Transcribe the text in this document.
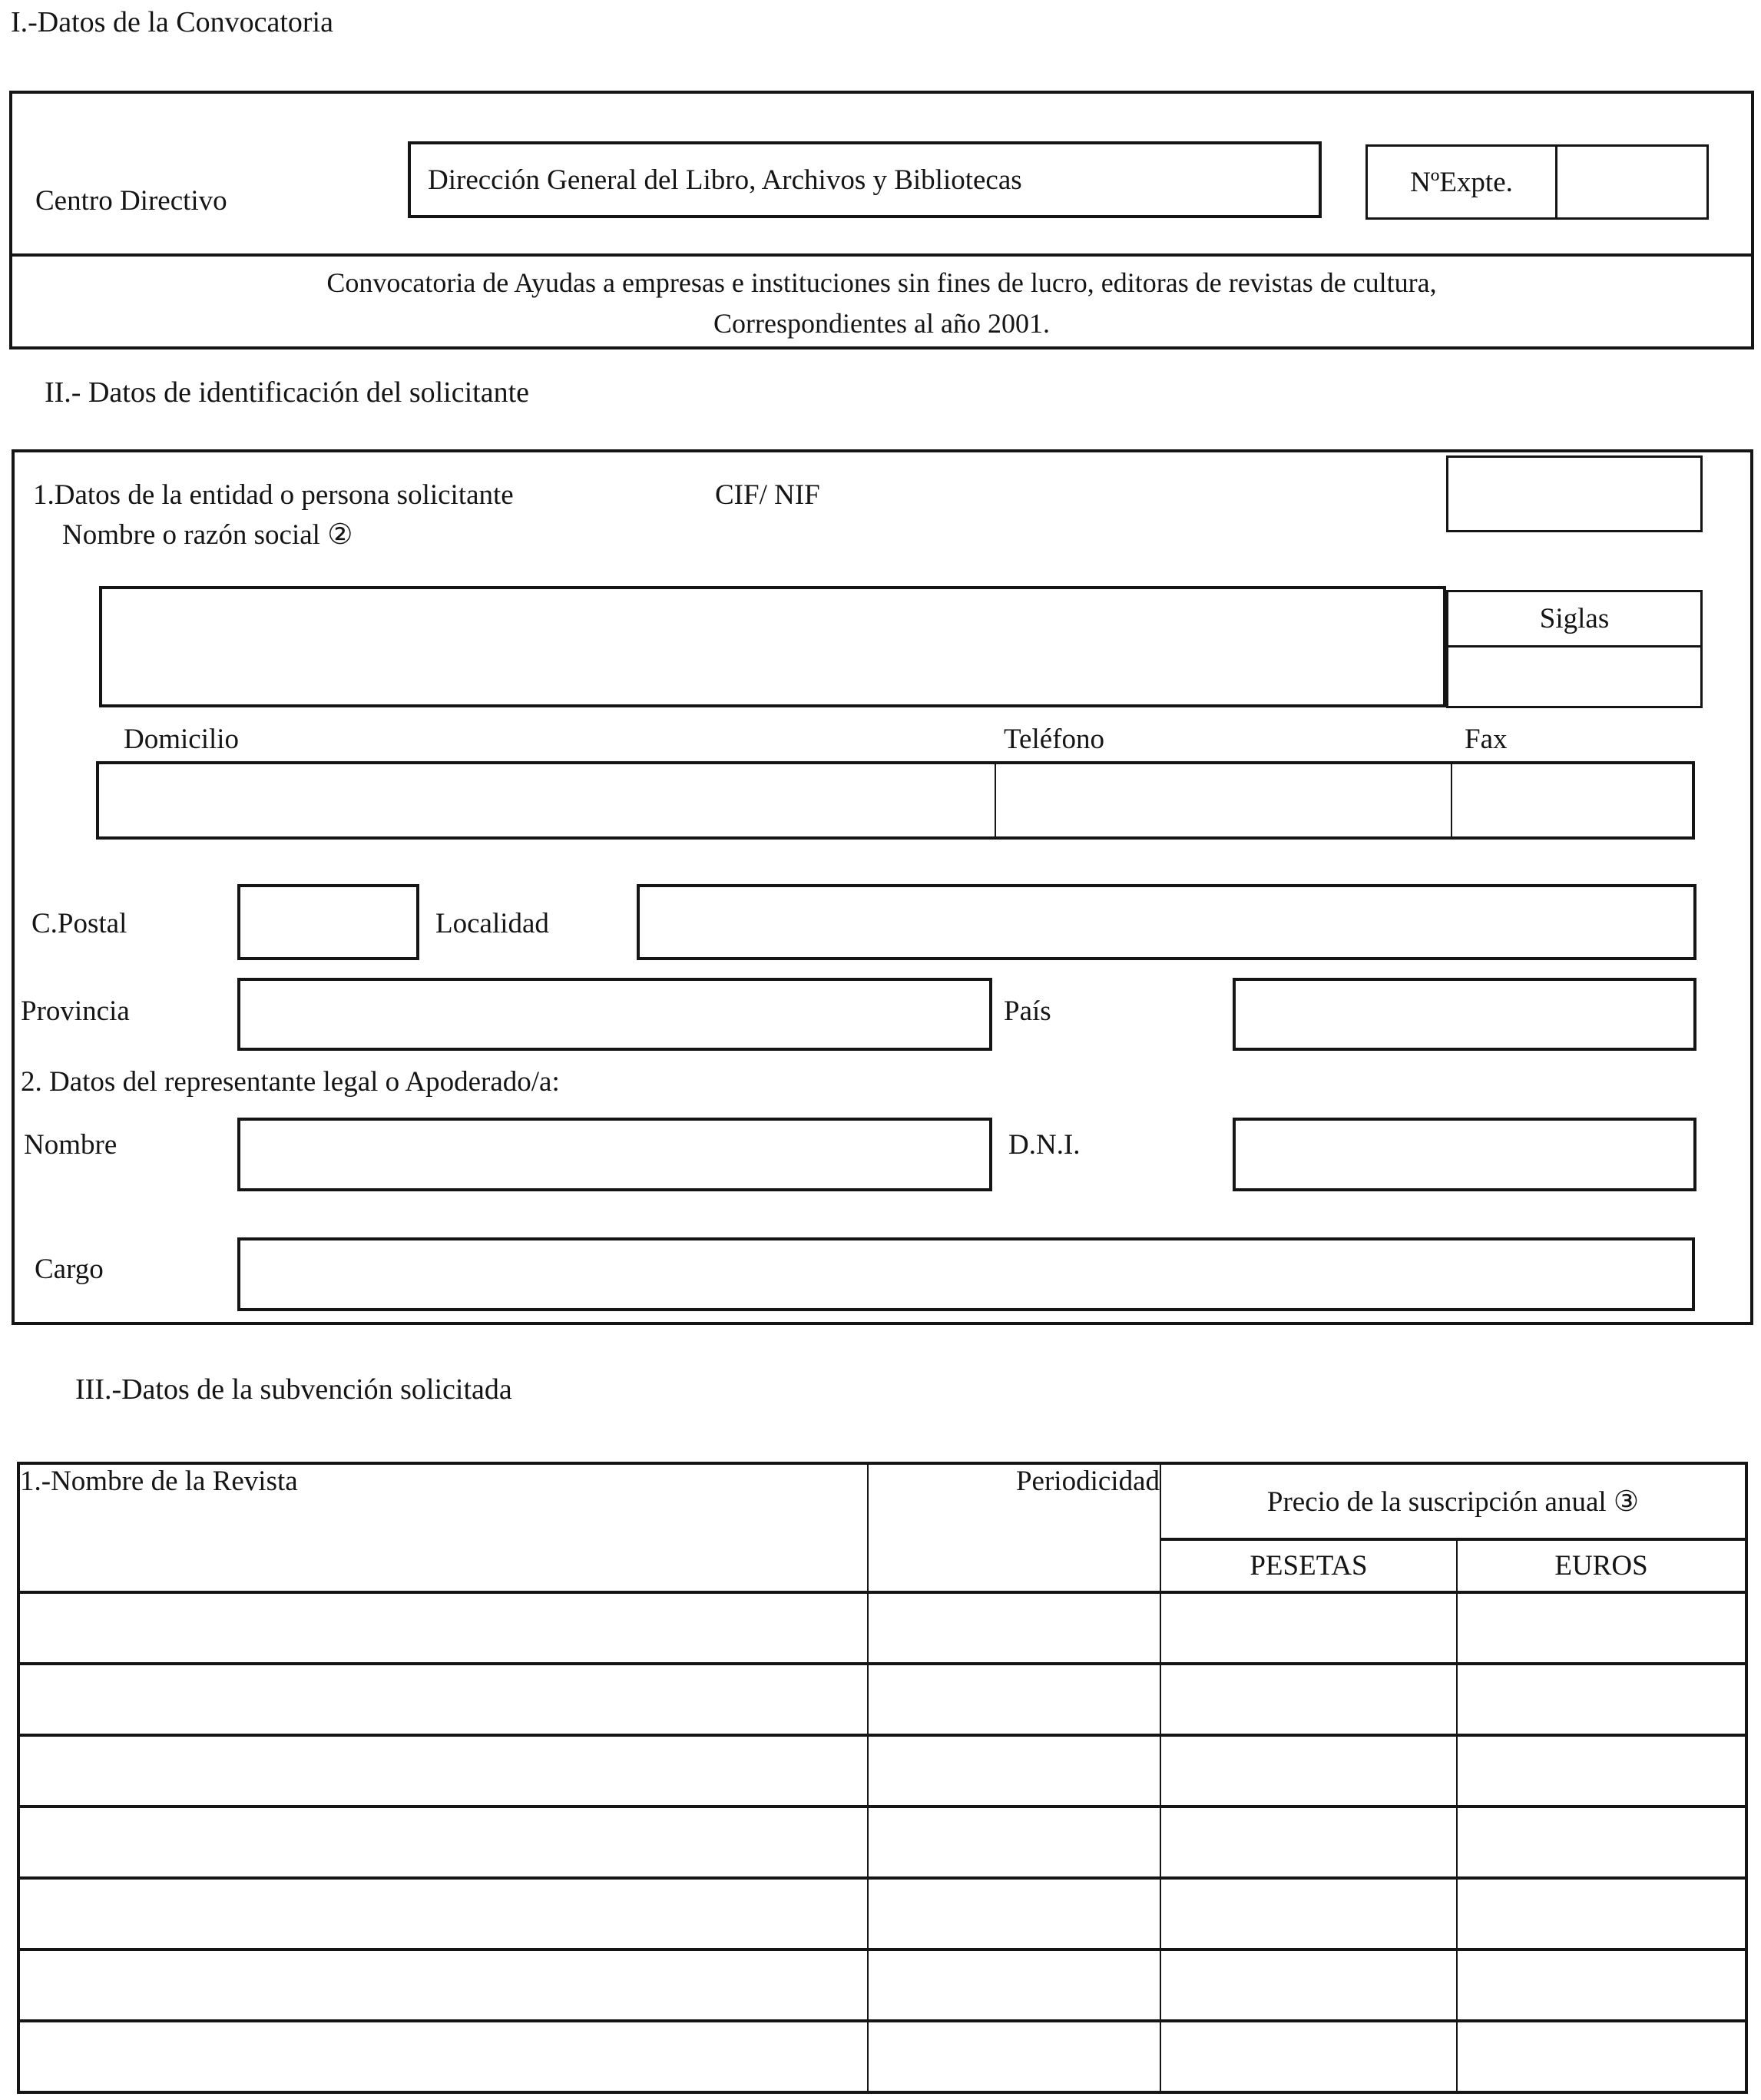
I.-Datos de la Convocatoria
Centro Directivo
Dirección General del Libro, Archivos y Bibliotecas	NºExpte.
Convocatoria de Ayudas a empresas e instituciones sin fines de lucro, editoras de revistas de cultura,
Correspondientes al año 2001.
II.- Datos de identificación del solicitante
1.Datos de la entidad o persona solicitante	CIF/ NIF
Nombre o razón social ②
Siglas
Domicilio	Teléfono	Fax
C.Postal	Localidad
Provincia	País
2. Datos del representante legal o Apoderado/a:
Nombre	D.N.I.
Cargo
III.-Datos de la subvención solicitada
1.-Nombre de la Revista	Periodicidad	Precio de la suscripción anual ③	
		PESETAS	EUROS
